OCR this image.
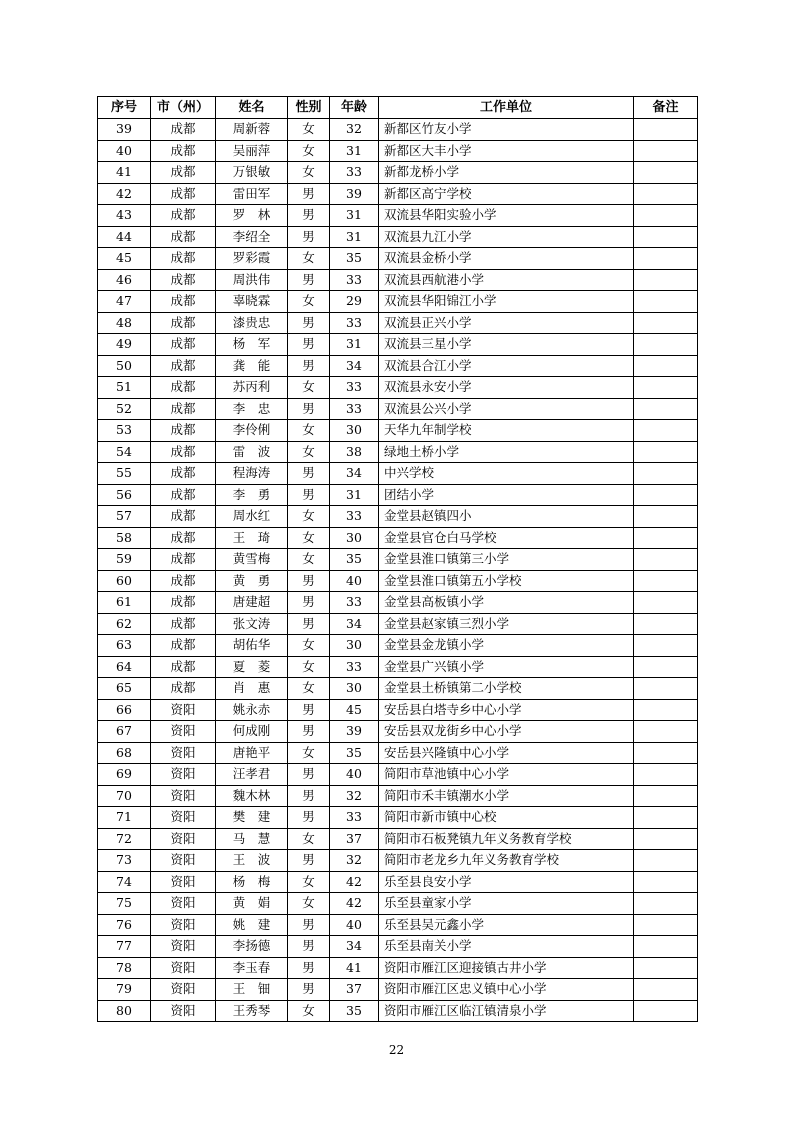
序号	市（州）	姓名	性别	年龄	工作单位	备注
39	成都	周新蓉	女	32	新都区竹友小学	
40	成都	吴丽萍	女	31	新都区大丰小学	
41	成都	万银敏	女	33	新都龙桥小学	
42	成都	雷田军	男	39	新都区高宁学校	
43	成都	罗　林	男	31	双流县华阳实验小学	
44	成都	李绍全	男	31	双流县九江小学	
45	成都	罗彩霞	女	35	双流县金桥小学	
46	成都	周洪伟	男	33	双流县西航港小学	
47	成都	辜晓霖	女	29	双流县华阳锦江小学	
48	成都	漆贵忠	男	33	双流县正兴小学	
49	成都	杨　军	男	31	双流县三星小学	
50	成都	龚　能	男	34	双流县合江小学	
51	成都	苏丙利	女	33	双流县永安小学	
52	成都	李　忠	男	33	双流县公兴小学	
53	成都	李伶俐	女	30	天华九年制学校	
54	成都	雷　波	女	38	绿地土桥小学	
55	成都	程海涛	男	34	中兴学校	
56	成都	李　勇	男	31	团结小学	
57	成都	周水红	女	33	金堂县赵镇四小	
58	成都	王　琦	女	30	金堂县官仓白马学校	
59	成都	黄雪梅	女	35	金堂县淮口镇第三小学	
60	成都	黄　勇	男	40	金堂县淮口镇第五小学校	
61	成都	唐建超	男	33	金堂县高板镇小学	
62	成都	张文涛	男	34	金堂县赵家镇三烈小学	
63	成都	胡佑华	女	30	金堂县金龙镇小学	
64	成都	夏　菱	女	33	金堂县广兴镇小学	
65	成都	肖　惠	女	30	金堂县土桥镇第二小学校	
66	资阳	姚永赤	男	45	安岳县白塔寺乡中心小学	
67	资阳	何成刚	男	39	安岳县双龙街乡中心小学	
68	资阳	唐艳平	女	35	安岳县兴隆镇中心小学	
69	资阳	汪孝君	男	40	简阳市草池镇中心小学	
70	资阳	魏木林	男	32	简阳市禾丰镇潮水小学	
71	资阳	樊　建	男	33	简阳市新市镇中心校	
72	资阳	马　慧	女	37	简阳市石板凳镇九年义务教育学校	
73	资阳	王　波	男	32	简阳市老龙乡九年义务教育学校	
74	资阳	杨　梅	女	42	乐至县良安小学	
75	资阳	黄　娟	女	42	乐至县童家小学	
76	资阳	姚　建	男	40	乐至县吴元鑫小学	
77	资阳	李扬德	男	34	乐至县南关小学	
78	资阳	李玉春	男	41	资阳市雁江区迎接镇古井小学	
79	资阳	王　钿	男	37	资阳市雁江区忠义镇中心小学	
80	资阳	王秀琴	女	35	资阳市雁江区临江镇清泉小学	
22
